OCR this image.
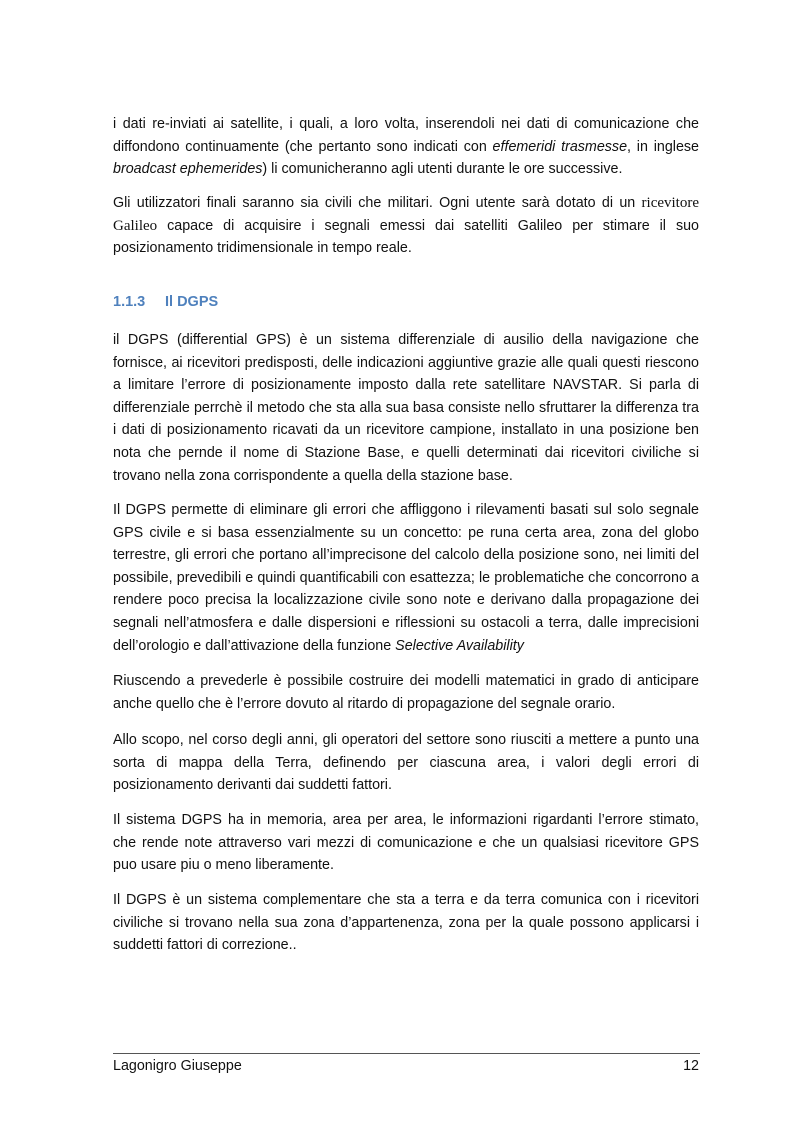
i dati re-inviati ai satellite, i quali, a loro volta, inserendoli nei dati di comunicazione che diffondono continuamente (che pertanto sono indicati con effemeridi trasmesse, in inglese broadcast ephemerides) li comunicheranno agli utenti durante le ore successive.

Gli utilizzatori finali saranno sia civili che militari. Ogni utente sarà dotato di un ricevitore Galileo capace di acquisire i segnali emessi dai satelliti Galileo per stimare il suo posizionamento tridimensionale in tempo reale.

1.1.3 Il DGPS

il DGPS (differential GPS) è un sistema differenziale di ausilio della navigazione che fornisce, ai ricevitori predisposti, delle indicazioni aggiuntive grazie alle quali questi riescono a limitare l’errore di posizionamente imposto dalla rete satellitare NAVSTAR. Si parla di differenziale perrchè il metodo che sta alla sua basa consiste nello sfruttarer la differenza tra i dati di posizionamento ricavati da un ricevitore campione, installato in una posizione ben nota che pernde il nome di Stazione Base, e quelli determinati dai ricevitori civiliche si trovano nella zona corrispondente a quella della stazione base.

Il DGPS permette di eliminare gli errori che affliggono i rilevamenti basati sul solo segnale GPS civile e si basa essenzialmente su un concetto: pe runa certa area, zona del globo terrestre, gli errori che portano all’imprecisone del calcolo della posizione sono, nei limiti del possibile, prevedibili e quindi quantificabili con esattezza; le problematiche che concorrono a rendere poco precisa la localizzazione civile sono note e derivano dalla propagazione dei segnali nell’atmosfera e dalle dispersioni e riflessioni su ostacoli a terra, dalle imprecisioni dell’orologio e dall’attivazione della funzione Selective Availability

Riuscendo a prevederle è possibile costruire dei modelli matematici in grado di anticipare anche quello che è l’errore dovuto al ritardo di propagazione del segnale orario.

Allo scopo, nel corso degli anni, gli operatori del settore sono riusciti a mettere a punto una sorta di mappa della Terra, definendo per ciascuna area, i valori degli errori di posizionamento derivanti dai suddetti fattori.

Il sistema DGPS ha in memoria, area per area, le informazioni rigardanti l’errore stimato, che rende note attraverso vari mezzi di comunicazione e che un qualsiasi ricevitore GPS puo usare piu o meno liberamente.

Il DGPS è un sistema complementare che sta a terra e da terra comunica con i ricevitori civiliche si trovano nella sua zona d’appartenenza, zona per la quale possono applicarsi i suddetti fattori di correzione..

Lagonigro Giuseppe	12
